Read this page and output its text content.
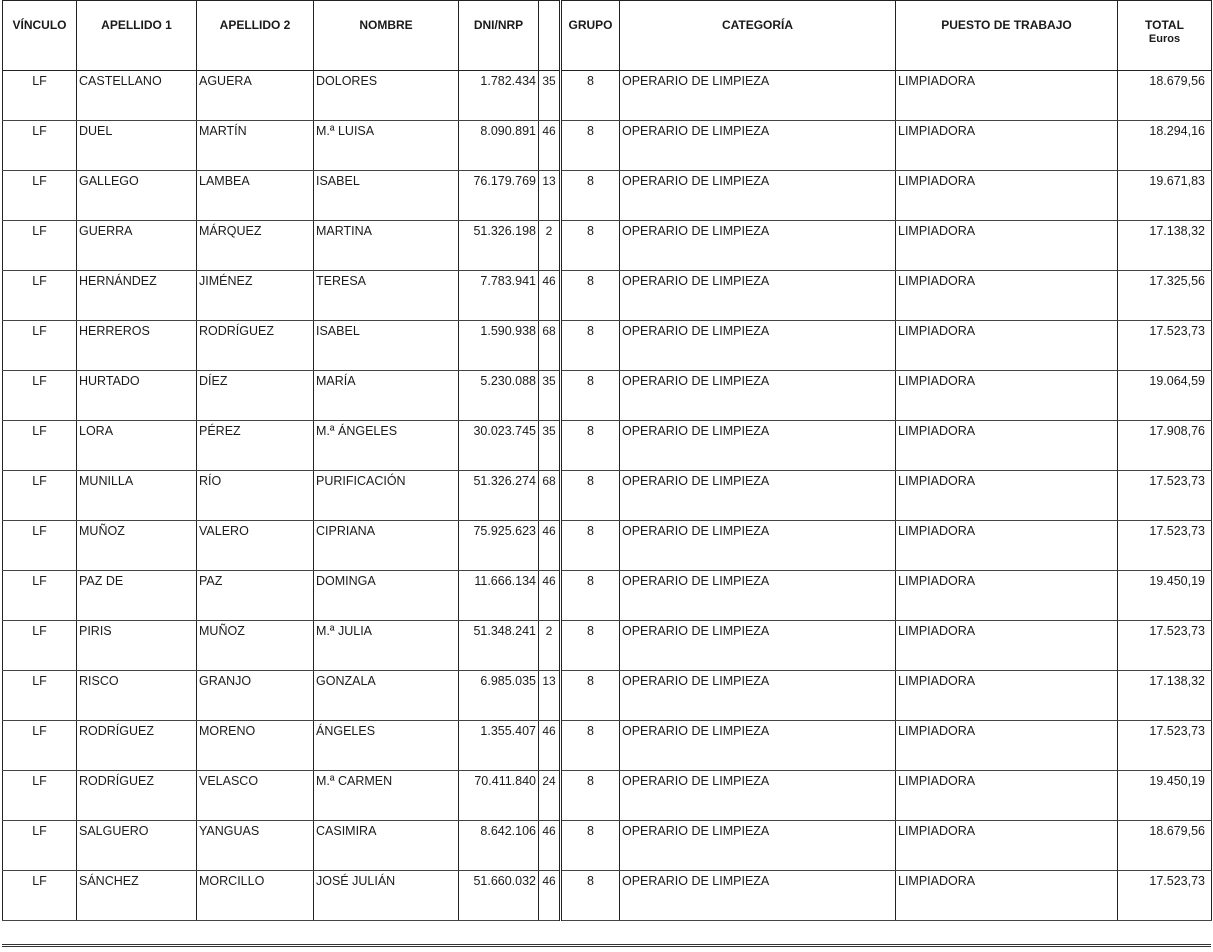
VÍNCULO	APELLIDO 1	APELLIDO 2	NOMBRE	DNI/NRP		GRUPO	CATEGORÍA	PUESTO DE TRABAJO	TOTAL
Euros

LF	CASTELLANO	AGUERA	DOLORES	1.782.434	35	8	OPERARIO DE LIMPIEZA	LIMPIADORA	18.679,56
LF	DUEL	MARTÍN	M.ª LUISA	8.090.891	46	8	OPERARIO DE LIMPIEZA	LIMPIADORA	18.294,16
LF	GALLEGO	LAMBEA	ISABEL	76.179.769	13	8	OPERARIO DE LIMPIEZA	LIMPIADORA	19.671,83
LF	GUERRA	MÁRQUEZ	MARTINA	51.326.198	2	8	OPERARIO DE LIMPIEZA	LIMPIADORA	17.138,32
LF	HERNÁNDEZ	JIMÉNEZ	TERESA	7.783.941	46	8	OPERARIO DE LIMPIEZA	LIMPIADORA	17.325,56
LF	HERREROS	RODRÍGUEZ	ISABEL	1.590.938	68	8	OPERARIO DE LIMPIEZA	LIMPIADORA	17.523,73
LF	HURTADO	DÍEZ	MARÍA	5.230.088	35	8	OPERARIO DE LIMPIEZA	LIMPIADORA	19.064,59
LF	LORA	PÉREZ	M.ª ÁNGELES	30.023.745	35	8	OPERARIO DE LIMPIEZA	LIMPIADORA	17.908,76
LF	MUNILLA	RÍO	PURIFICACIÓN	51.326.274	68	8	OPERARIO DE LIMPIEZA	LIMPIADORA	17.523,73
LF	MUÑOZ	VALERO	CIPRIANA	75.925.623	46	8	OPERARIO DE LIMPIEZA	LIMPIADORA	17.523,73
LF	PAZ DE	PAZ	DOMINGA	11.666.134	46	8	OPERARIO DE LIMPIEZA	LIMPIADORA	19.450,19
LF	PIRIS	MUÑOZ	M.ª JULIA	51.348.241	2	8	OPERARIO DE LIMPIEZA	LIMPIADORA	17.523,73
LF	RISCO	GRANJO	GONZALA	6.985.035	13	8	OPERARIO DE LIMPIEZA	LIMPIADORA	17.138,32
LF	RODRÍGUEZ	MORENO	ÁNGELES	1.355.407	46	8	OPERARIO DE LIMPIEZA	LIMPIADORA	17.523,73
LF	RODRÍGUEZ	VELASCO	M.ª CARMEN	70.411.840	24	8	OPERARIO DE LIMPIEZA	LIMPIADORA	19.450,19
LF	SALGUERO	YANGUAS	CASIMIRA	8.642.106	46	8	OPERARIO DE LIMPIEZA	LIMPIADORA	18.679,56
LF	SÁNCHEZ	MORCILLO	JOSÉ JULIÁN	51.660.032	46	8	OPERARIO DE LIMPIEZA	LIMPIADORA	17.523,73
